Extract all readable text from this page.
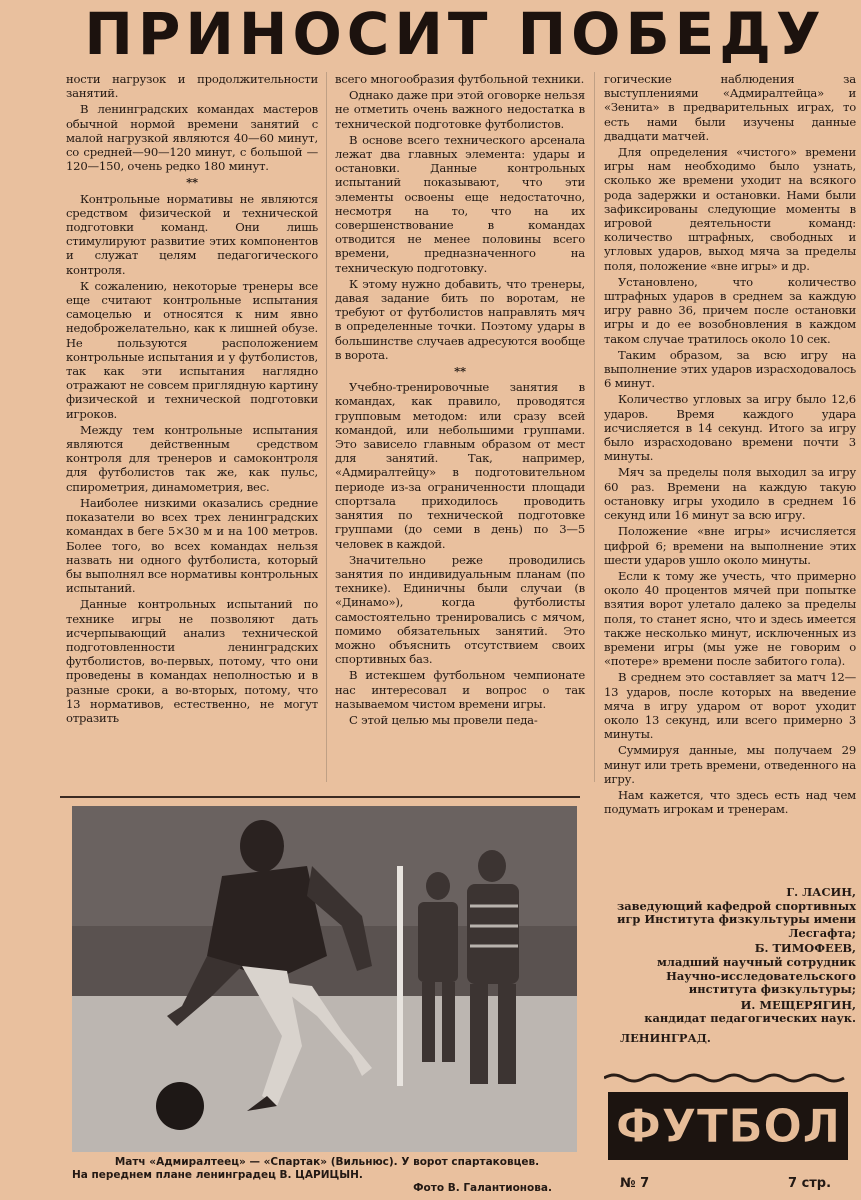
ПРИНОСИТ ПОБЕДУ

ности нагрузок и продолжительности занятий.

В ленинградских командах мастеров обычной нормой времени занятий с малой нагрузкой являются 40—60 минут, со средней—90—120 минут, с большой — 120—150, очень редко 180 минут.

**

Контрольные нормативы не являются средством физической и технической подготовки команд. Они лишь стимулируют развитие этих компонентов и служат целям педагогического контроля.

К сожалению, некоторые тренеры все еще считают контрольные испытания самоцелью и относятся к ним явно недоброжелательно, как к лишней обузе. Не пользуются расположением контрольные испытания и у футболистов, так как эти испытания наглядно отражают не совсем приглядную картину физической и технической подготовки игроков.

Между тем контрольные испытания являются действенным средством контроля для тренеров и самоконтроля для футболистов так же, как пульс, спирометрия, динамометрия, вес.

Наиболее низкими оказались средние показатели во всех трех ленинградских командах в беге 5×30 м и на 100 метров. Более того, во всех командах нельзя назвать ни одного футболиста, который бы выполнял все нормативы контрольных испытаний.

Данные контрольных испытаний по технике игры не позволяют дать исчерпывающий анализ технической подготовленности ленинградских футболистов, во-первых, потому, что они проведены в командах неполностью и в разные сроки, а во-вторых, потому, что 13 нормативов, естественно, не могут отразить

всего многообразия футбольной техники.

Однако даже при этой оговорке нельзя не отметить очень важного недостатка в технической подготовке футболистов.

В основе всего технического арсенала лежат два главных элемента: удары и остановки. Данные контрольных испытаний показывают, что эти элементы освоены еще недостаточно, несмотря на то, что на их совершенствование в командах отводится не менее половины всего времени, предназначенного на техническую подготовку.

К этому нужно добавить, что тренеры, давая задание бить по воротам, не требуют от футболистов направлять мяч в определенные точки. Поэтому удары в большинстве случаев адресуются вообще в ворота.

**

Учебно-тренировочные занятия в командах, как правило, проводятся групповым методом: или сразу всей командой, или небольшими группами. Это зависело главным образом от мест для занятий. Так, например, «Адмиралтейцу» в подготовительном периоде из-за ограниченности площади спортзала приходилось проводить занятия по технической подготовке группами (до семи в день) по 3—5 человек в каждой.

Значительно реже проводились занятия по индивидуальным планам (по технике). Единичны были случаи (в «Динамо»), когда футболисты самостоятельно тренировались с мячом, помимо обязательных занятий. Это можно объяснить отсутствием своих спортивных баз.

В истекшем футбольном чемпионате нас интересовал и вопрос о так называемом чистом времени игры.

С этой целью мы провели педа-

гогические наблюдения за выступлениями «Адмиралтейца» и «Зенита» в предварительных играх, то есть нами были изучены данные двадцати матчей.

Для определения «чистого» времени игры нам необходимо было узнать, сколько же времени уходит на всякого рода задержки и остановки. Нами были зафиксированы следующие моменты в игровой деятельности команд: количество штрафных, свободных и угловых ударов, выход мяча за пределы поля, положение «вне игры» и др.

Установлено, что количество штрафных ударов в среднем за каждую игру равно 36, причем после остановки игры и до ее возобновления в каждом таком случае тратилось около 10 сек.

Таким образом, за всю игру на выполнение этих ударов израсходовалось 6 минут.

Количество угловых за игру было 12,6 ударов. Время каждого удара исчисляется в 14 секунд. Итого за игру было израсходовано времени почти 3 минуты.

Мяч за пределы поля выходил за игру 60 раз. Времени на каждую такую остановку игры уходило в среднем 16 секунд или 16 минут за всю игру.

Положение «вне игры» исчисляется цифрой 6; времени на выполнение этих шести ударов ушло около минуты.

Если к тому же учесть, что примерно около 40 процентов мячей при попытке взятия ворот улетало далеко за пределы поля, то станет ясно, что и здесь имеется также несколько минут, исключенных из времени игры (мы уже не говорим о «потере» времени после забитого гола).

В среднем это составляет за матч 12—13 ударов, после которых на введение мяча в игру ударом от ворот уходит около 13 секунд, или всего примерно 3 минуты.

Суммируя данные, мы получаем 29 минут или треть времени, отведенного на игру.

Нам кажется, что здесь есть над чем подумать игрокам и тренерам.

Матч «Адмиралтеец» — «Спартак» (Вильнюс). У ворот спартаковцев.
На переднем плане ленинградец В. ЦАРИЦЫН.
Фото В. Галантионова.
Г. ЛАСИН,
заведующий кафедрой спортивных игр Института физкультуры имени Лесгафта;
Б. ТИМОФЕЕВ,
младший научный сотрудник Научно-исследовательского института физкультуры;
И. МЕЩЕРЯГИН,
кандидат педагогических наук.
ЛЕНИНГРАД.
ФУТБОЛ
№ 7	7 стр.
